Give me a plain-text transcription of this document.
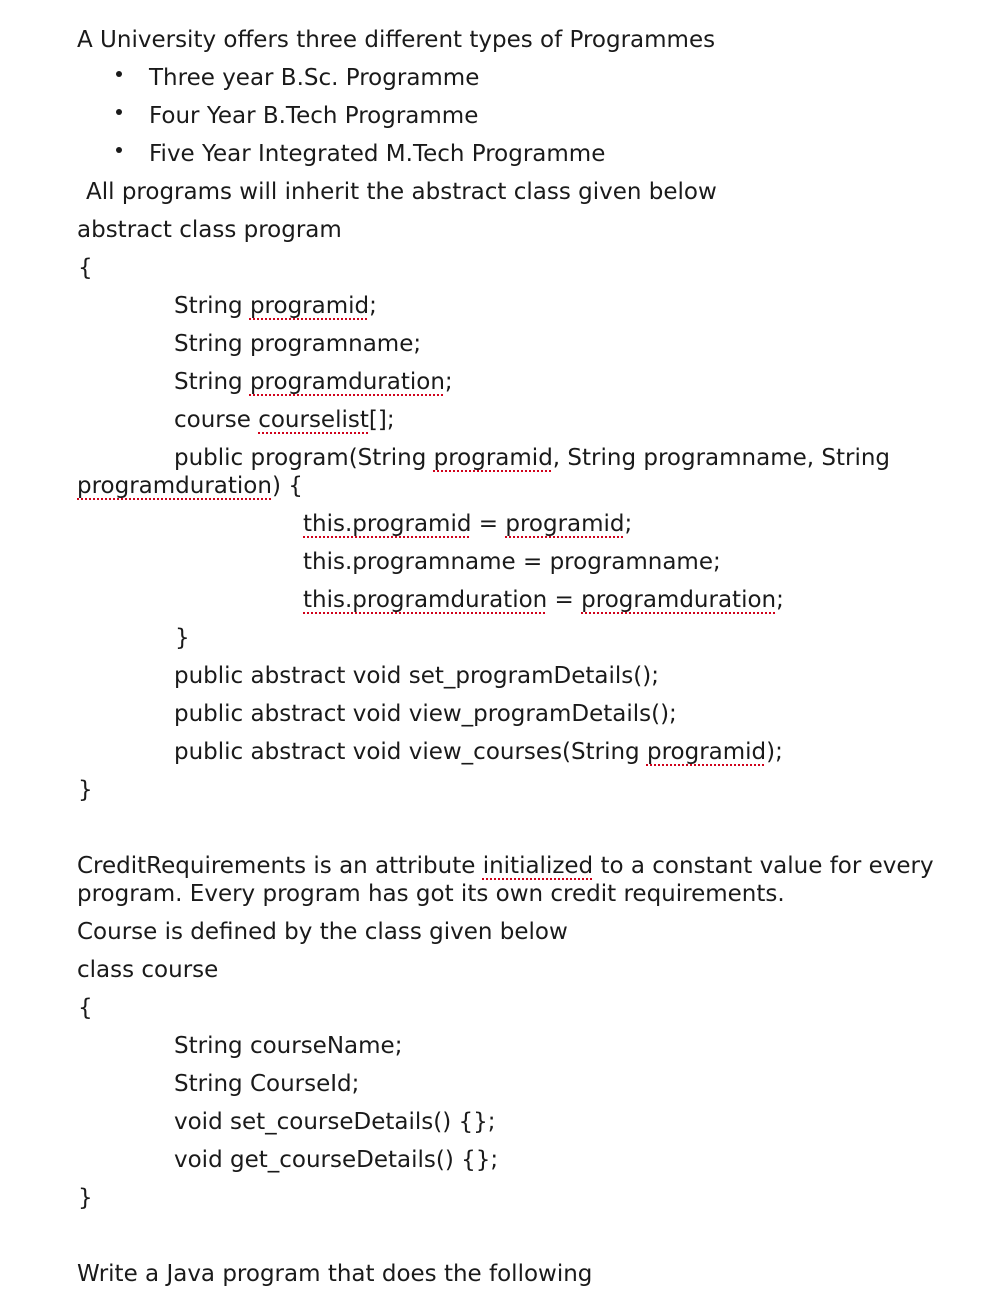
A University offers three different types of Programmes
Three year B.Sc. Programme
Four Year B.Tech Programme
Five Year Integrated M.Tech Programme
All programs will inherit the abstract class given below
abstract class program
{
String programid;
String programname;
String programduration;
course courselist[];
public program(String programid, String programname, String
programduration) {
this.programid = programid;
this.programname = programname;
this.programduration = programduration;
}
public abstract void set_programDetails();
public abstract void view_programDetails();
public abstract void view_courses(String programid);
}
CreditRequirements is an attribute initialized to a constant value for every
program. Every program has got its own credit requirements.
Course is defined by the class given below
class course
{
String courseName;
String CourseId;
void set_courseDetails() {};
void get_courseDetails() {};
}
Write a Java program that does the following
